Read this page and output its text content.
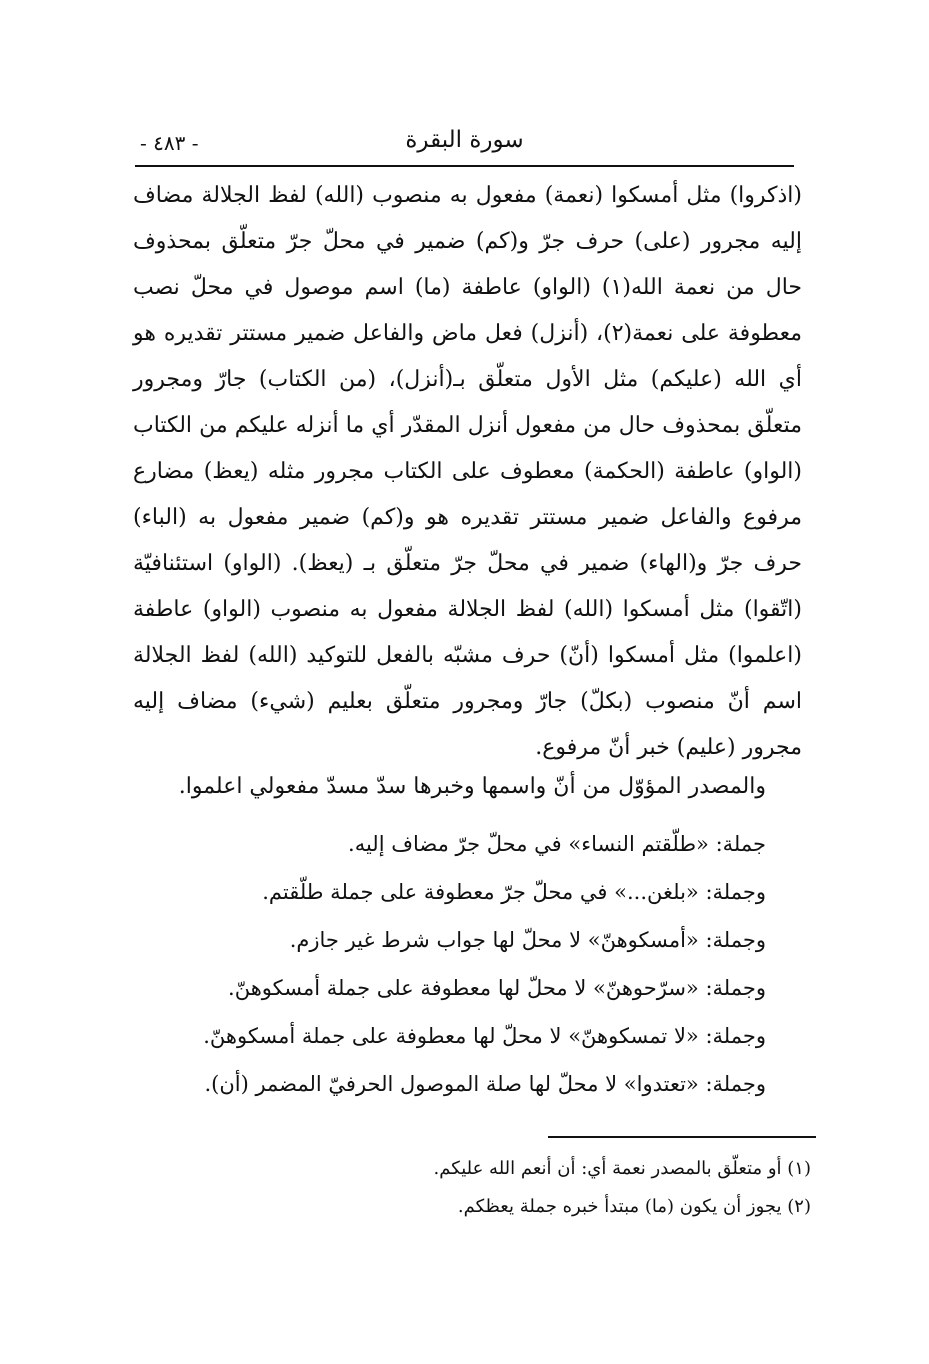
- ٤٨٣ -	سورة البقرة

(اذكروا) مثل أمسكوا (نعمة) مفعول به منصوب (الله) لفظ الجلالة مضاف إليه مجرور (على) حرف جرّ و(كم) ضمير في محلّ جرّ متعلّق بمحذوف حال من نعمة الله(١) (الواو) عاطفة (ما) اسم موصول في محلّ نصب معطوفة على نعمة(٢)، (أنزل) فعل ماض والفاعل ضمير مستتر تقديره هو أي الله (عليكم) مثل الأول متعلّق بـ(أنزل)، (من الكتاب) جارّ ومجرور متعلّق بمحذوف حال من مفعول أنزل المقدّر أي ما أنزله عليكم من الكتاب (الواو) عاطفة (الحكمة) معطوف على الكتاب مجرور مثله (يعظ) مضارع مرفوع والفاعل ضمير مستتر تقديره هو و(كم) ضمير مفعول به (الباء) حرف جرّ و(الهاء) ضمير في محلّ جرّ متعلّق بـ (يعظ). (الواو) استئنافيّة (اتّقوا) مثل أمسكوا (الله) لفظ الجلالة مفعول به منصوب (الواو) عاطفة (اعلموا) مثل أمسكوا (أنّ) حرف مشبّه بالفعل للتوكيد (الله) لفظ الجلالة اسم أنّ منصوب (بكلّ) جارّ ومجرور متعلّق بعليم (شيء) مضاف إليه مجرور (عليم) خبر أنّ مرفوع.

والمصدر المؤوّل من أنّ واسمها وخبرها سدّ مسدّ مفعولي اعلموا.
جملة: «طلّقتم النساء» في محلّ جرّ مضاف إليه.
وجملة: «بلغن...» في محلّ جرّ معطوفة على جملة طلّقتم.
وجملة: «أمسكوهنّ» لا محلّ لها جواب شرط غير جازم.
وجملة: «سرّحوهنّ» لا محلّ لها معطوفة على جملة أمسكوهنّ.
وجملة: «لا تمسكوهنّ» لا محلّ لها معطوفة على جملة أمسكوهنّ.
وجملة: «تعتدوا» لا محلّ لها صلة الموصول الحرفيّ المضمر (أن).
(١) أو متعلّق بالمصدر نعمة أي: أن أنعم الله عليكم.
(٢) يجوز أن يكون (ما) مبتدأ خبره جملة يعظكم.
